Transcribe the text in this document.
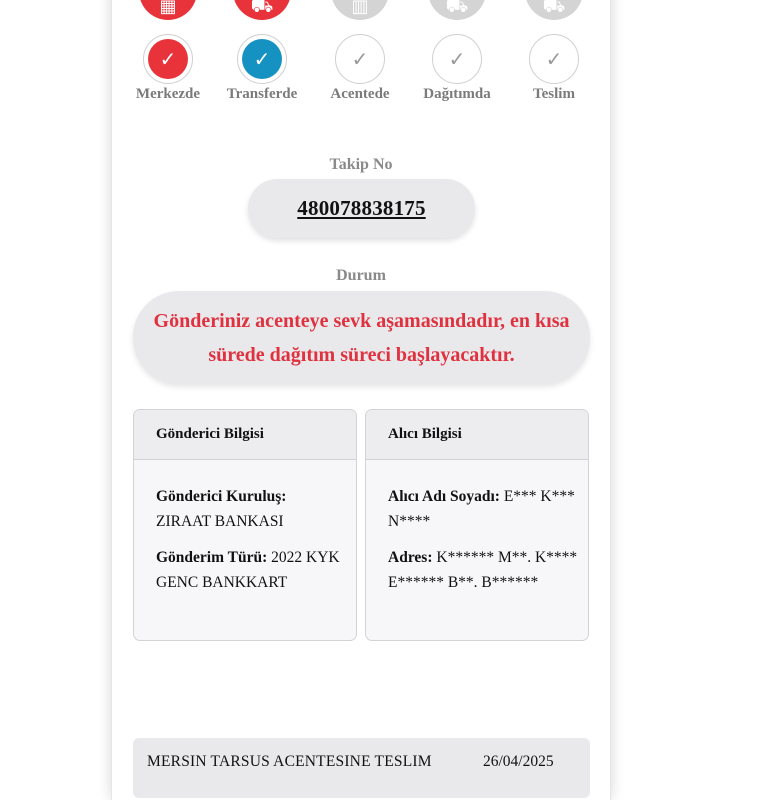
▦
✓
Merkezde
⛟
✓
Transferde
▥
✓
Acentede
⛟
✓
Dağıtımda
⛟
✓
Teslim
Takip No
480078838175
Durum
Gönderiniz acenteye sevk aşamasındadır, en kısa sürede dağıtım süreci başlayacaktır.
Gönderici Bilgisi
Gönderici Kuruluş:
ZIRAAT BANKASI
Gönderim Türü: 2022 KYK GENC BANKKART
Alıcı Bilgisi
Alıcı Adı Soyadı: E*** K*** N****
Adres: K****** M**. K**** E****** B**. B******
MERSIN TARSUS ACENTESINE TESLIM	26/04/2025
